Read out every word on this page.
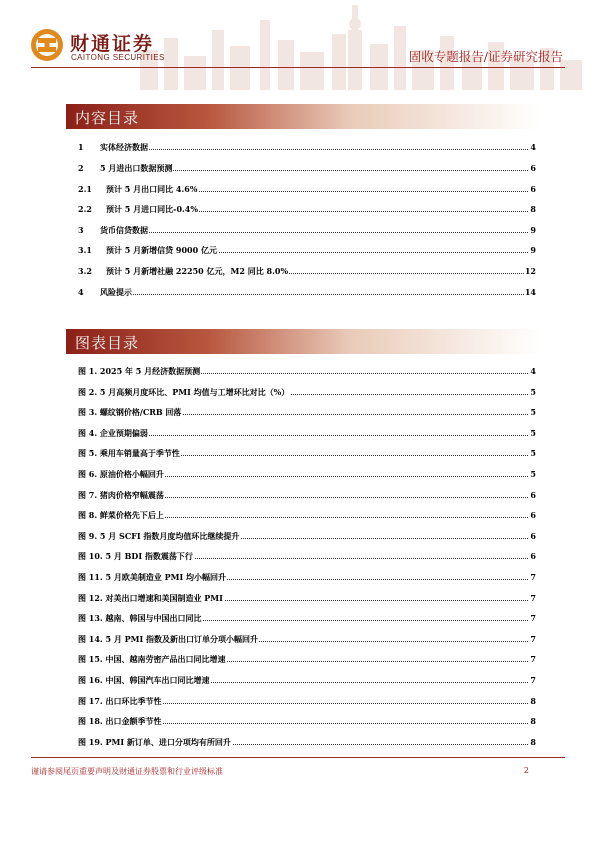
财通证券
CAITONG SECURITIES	固收专题报告/证券研究报告
内容目录
1 实体经济数据	4
2 5 月进出口数据预测	6
2.1 预计 5 月出口同比 4.6%	6
2.2 预计 5 月进口同比-0.4%	8
3 货币信贷数据	9
3.1 预计 5 月新增信贷 9000 亿元	9
3.2 预计 5 月新增社融 22250 亿元，M2 同比 8.0%	12
4 风险提示	14
图表目录
图 1. 2025 年 5 月经济数据预测	4
图 2. 5 月高频月度环比、PMI 均值与工增环比对比（%）	5
图 3. 螺纹钢价格/CRB 回落	5
图 4. 企业预期偏弱	5
图 5. 乘用车销量高于季节性	5
图 6. 原油价格小幅回升	5
图 7. 猪肉价格窄幅震荡	6
图 8. 鲜菜价格先下后上	6
图 9. 5 月 SCFI 指数月度均值环比继续提升	6
图 10. 5 月 BDI 指数震荡下行	6
图 11. 5 月欧美制造业 PMI 均小幅回升	7
图 12. 对美出口增速和美国制造业 PMI	7
图 13. 越南、韩国与中国出口同比	7
图 14. 5 月 PMI 指数及新出口订单分项小幅回升	7
图 15. 中国、越南劳密产品出口同比增速	7
图 16. 中国、韩国汽车出口同比增速	7
图 17. 出口环比季节性	8
图 18. 出口金额季节性	8
图 19. PMI 新订单、进口分项均有所回升	8
谨请参阅尾页重要声明及财通证券股票和行业评级标准	2
